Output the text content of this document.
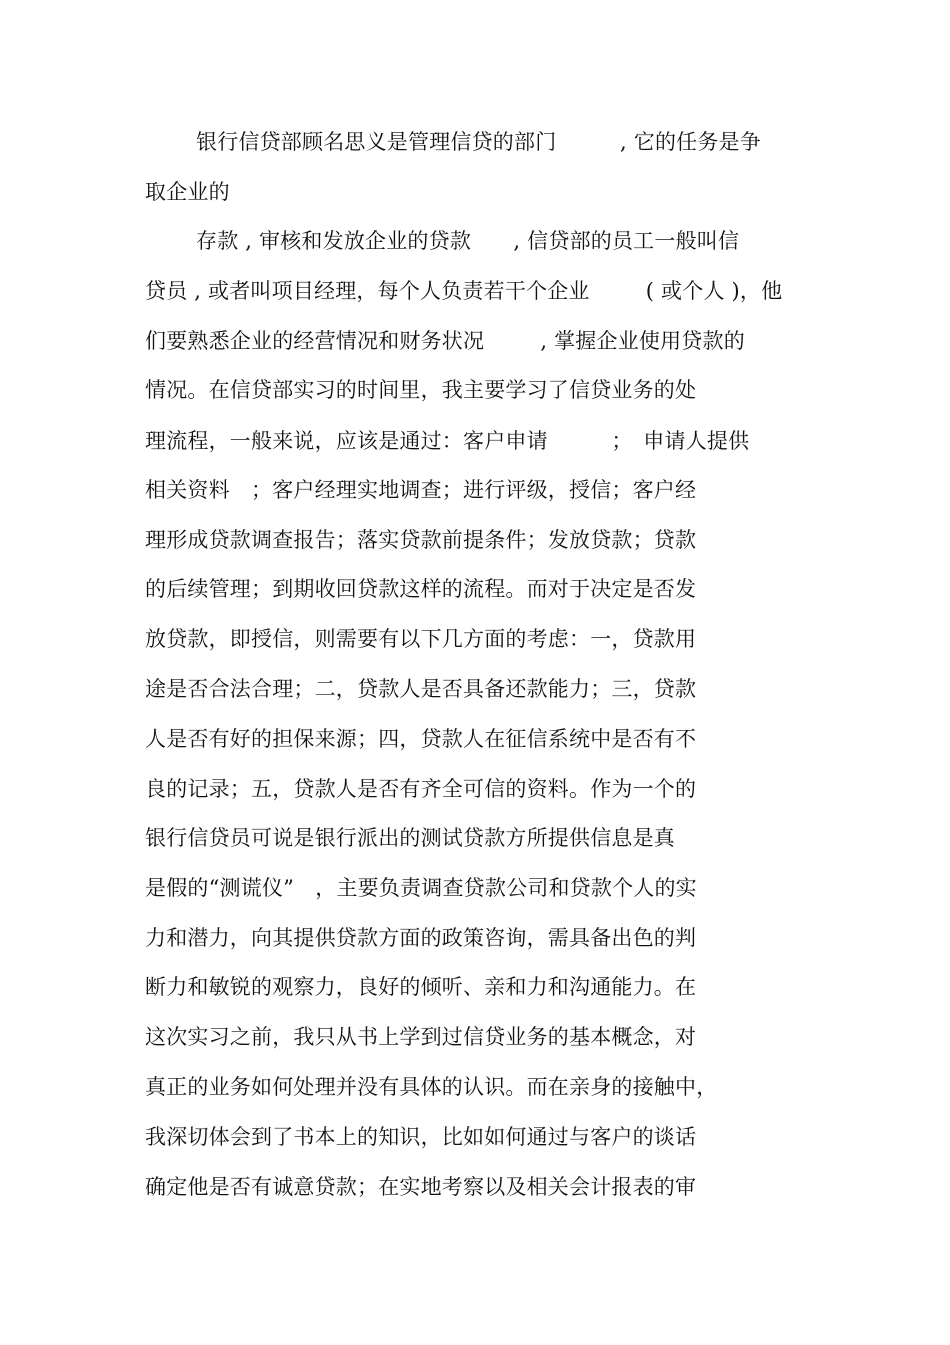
银行信贷部顾名思义是管理信贷的部门　　　, 它的任务是争
取企业的
存款 , 审核和发放企业的贷款　　, 信贷部的员工一般叫信
贷员 , 或者叫项目经理，每个人负责若干个企业　　  ( 或个人 )，他
们要熟悉企业的经营情况和财务状况　　  , 掌握企业使用贷款的
情况。在信贷部实习的时间里，我主要学习了信贷业务的处
理流程，一般来说，应该是通过：客户申请　　　；　申请人提供
相关资料　；客户经理实地调查；进行评级，授信；客户经
理形成贷款调查报告；落实贷款前提条件；发放贷款；贷款
的后续管理；到期收回贷款这样的流程。而对于决定是否发
放贷款，即授信，则需要有以下几方面的考虑：一，贷款用
途是否合法合理；二，贷款人是否具备还款能力；三，贷款
人是否有好的担保来源；四，贷款人在征信系统中是否有不
良的记录；五，贷款人是否有齐全可信的资料。作为一个的
银行信贷员可说是银行派出的测试贷款方所提供信息是真
是假的“测谎仪”　，主要负责调查贷款公司和贷款个人的实
力和潜力，向其提供贷款方面的政策咨询，需具备出色的判
断力和敏锐的观察力，良好的倾听、亲和力和沟通能力。在
这次实习之前，我只从书上学到过信贷业务的基本概念，对
真正的业务如何处理并没有具体的认识。而在亲身的接触中，
我深切体会到了书本上的知识，比如如何通过与客户的谈话
确定他是否有诚意贷款；在实地考察以及相关会计报表的审
